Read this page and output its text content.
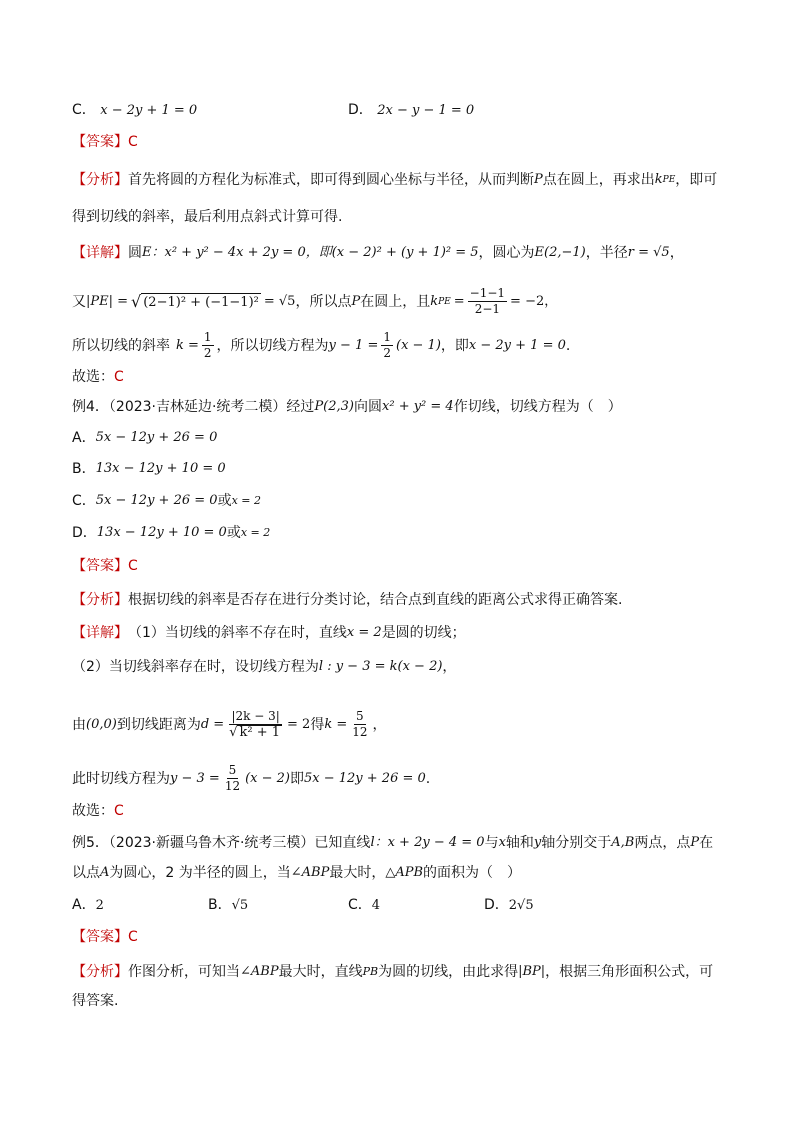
C． x − 2y + 1 = 0	D． 2x − y − 1 = 0
【答案】 C
【分析】 首先将圆的方程化为标准式，即可得到圆心坐标与半径，从而判断 P 点在圆上，再求出 k PE ，即可
得到切线的斜率，最后利用点斜式计算可得.
【详解】 圆 E ：x² + y² − 4x + 2y = 0，即 (x − 2)² + (y + 1)² = 5 ，圆心为 E(2,−1) ，半径 r = √5 ，
又 |PE| = √ (2−1)² + (−1−1)² = √5 ，所以点 P 在圆上，且 k PE = $\frac{-1-1}{2-1} = -2$，
所以切线的斜率 $k = \frac{1}{2}$ ，所以切线方程为 $y - 1 = \frac{1}{2} (x - 1)$ ，即 x − 2y + 1 = 0 .
故选： C
例4．（2023·吉林延边·统考二模）经过 P(2,3) 向圆 x² + y² = 4 作切线，切线方程为（　）
A． 5x − 12y + 26 = 0
B． 13x − 12y + 10 = 0
C． 5x − 12y + 26 = 0 或 x = 2
D． 13x − 12y + 10 = 0 或 x = 2
【答案】 C
【分析】 根据切线的斜率是否存在进行分类讨论，结合点到直线的距离公式求得正确答案.
【详解】 （1）当切线的斜率不存在时，直线 x = 2 是圆的切线；
（2）当切线斜率存在时，设切线方程为 l : y − 3 = k(x − 2) ，
由 (0,0) 到切线距离为 $d = \frac{|2k - 3|}{\text{√ k² + 1}} = 2$ 得 $k = \frac{5}{12}$ ，
此时切线方程为 $y - 3 = \frac{5}{12} (x - 2)$ 即 5x − 12y + 26 = 0 .
故选： C
例5．（2023·新疆乌鲁木齐·统考三模）已知直线 l：x + 2y − 4 = 0 与 x 轴和 y 轴分别交于 A,B 两点，点 P 在
以点 A 为圆心，2 为半径的圆上，当 ∠ABP 最大时， △APB 的面积为（　）
A．2	B．√5	C．4	D．2√5
【答案】 C
【分析】 作图分析，可知当 ∠ABP 最大时，直线 PB 为圆的切线，由此求得 |BP| ，根据三角形面积公式，可
得答案.
